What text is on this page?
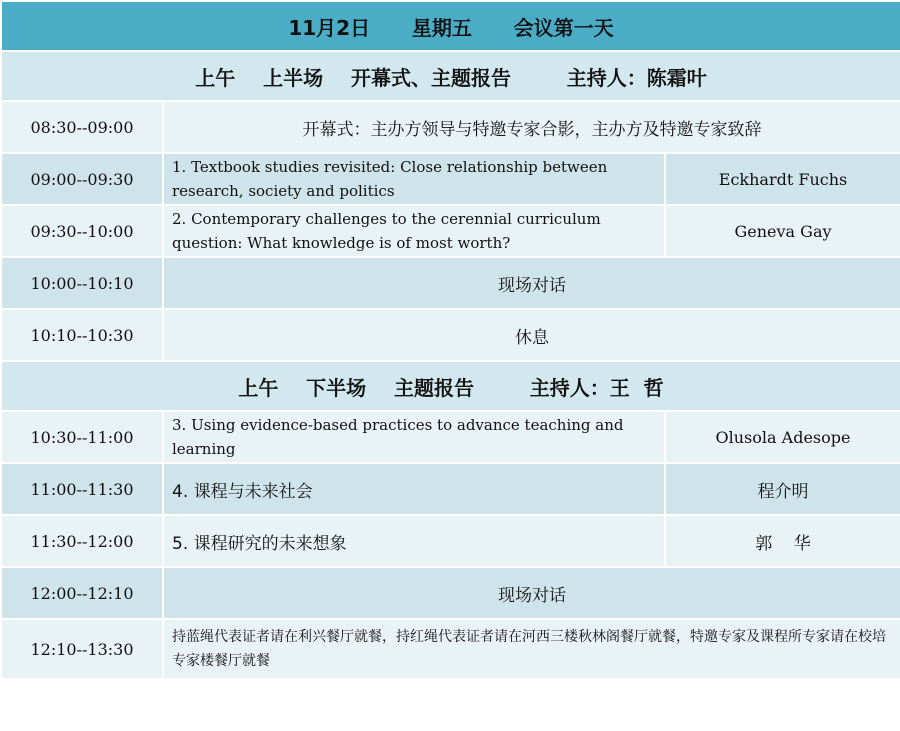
11月2日      星期五      会议第一天		
上午    上半场    开幕式、主题报告        主持人：陈霜叶		
08:30--09:00	开幕式：主办方领导与特邀专家合影，主办方及特邀专家致辞	
09:00--09:30	1. Textbook studies revisited: Close relationship between research, society and politics	Eckhardt Fuchs
09:30--10:00	2. Contemporary challenges to the cerennial curriculum question: What knowledge is of most worth?	Geneva Gay
10:00--10:10	现场对话	
10:10--10:30	休息	
上午    下半场    主题报告        主持人：王  哲		
10:30--11:00	3. Using evidence-based practices to advance teaching and learning	Olusola Adesope
11:00--11:30	4. 课程与未来社会	程介明
11:30--12:00	5. 课程研究的未来想象	郭    华
12:00--12:10	现场对话	
12:10--13:30	持蓝绳代表证者请在利兴餐厅就餐，持红绳代表证者请在河西三楼秋林阁餐厅就餐，特邀专家及课程所专家请在校培专家楼餐厅就餐	
